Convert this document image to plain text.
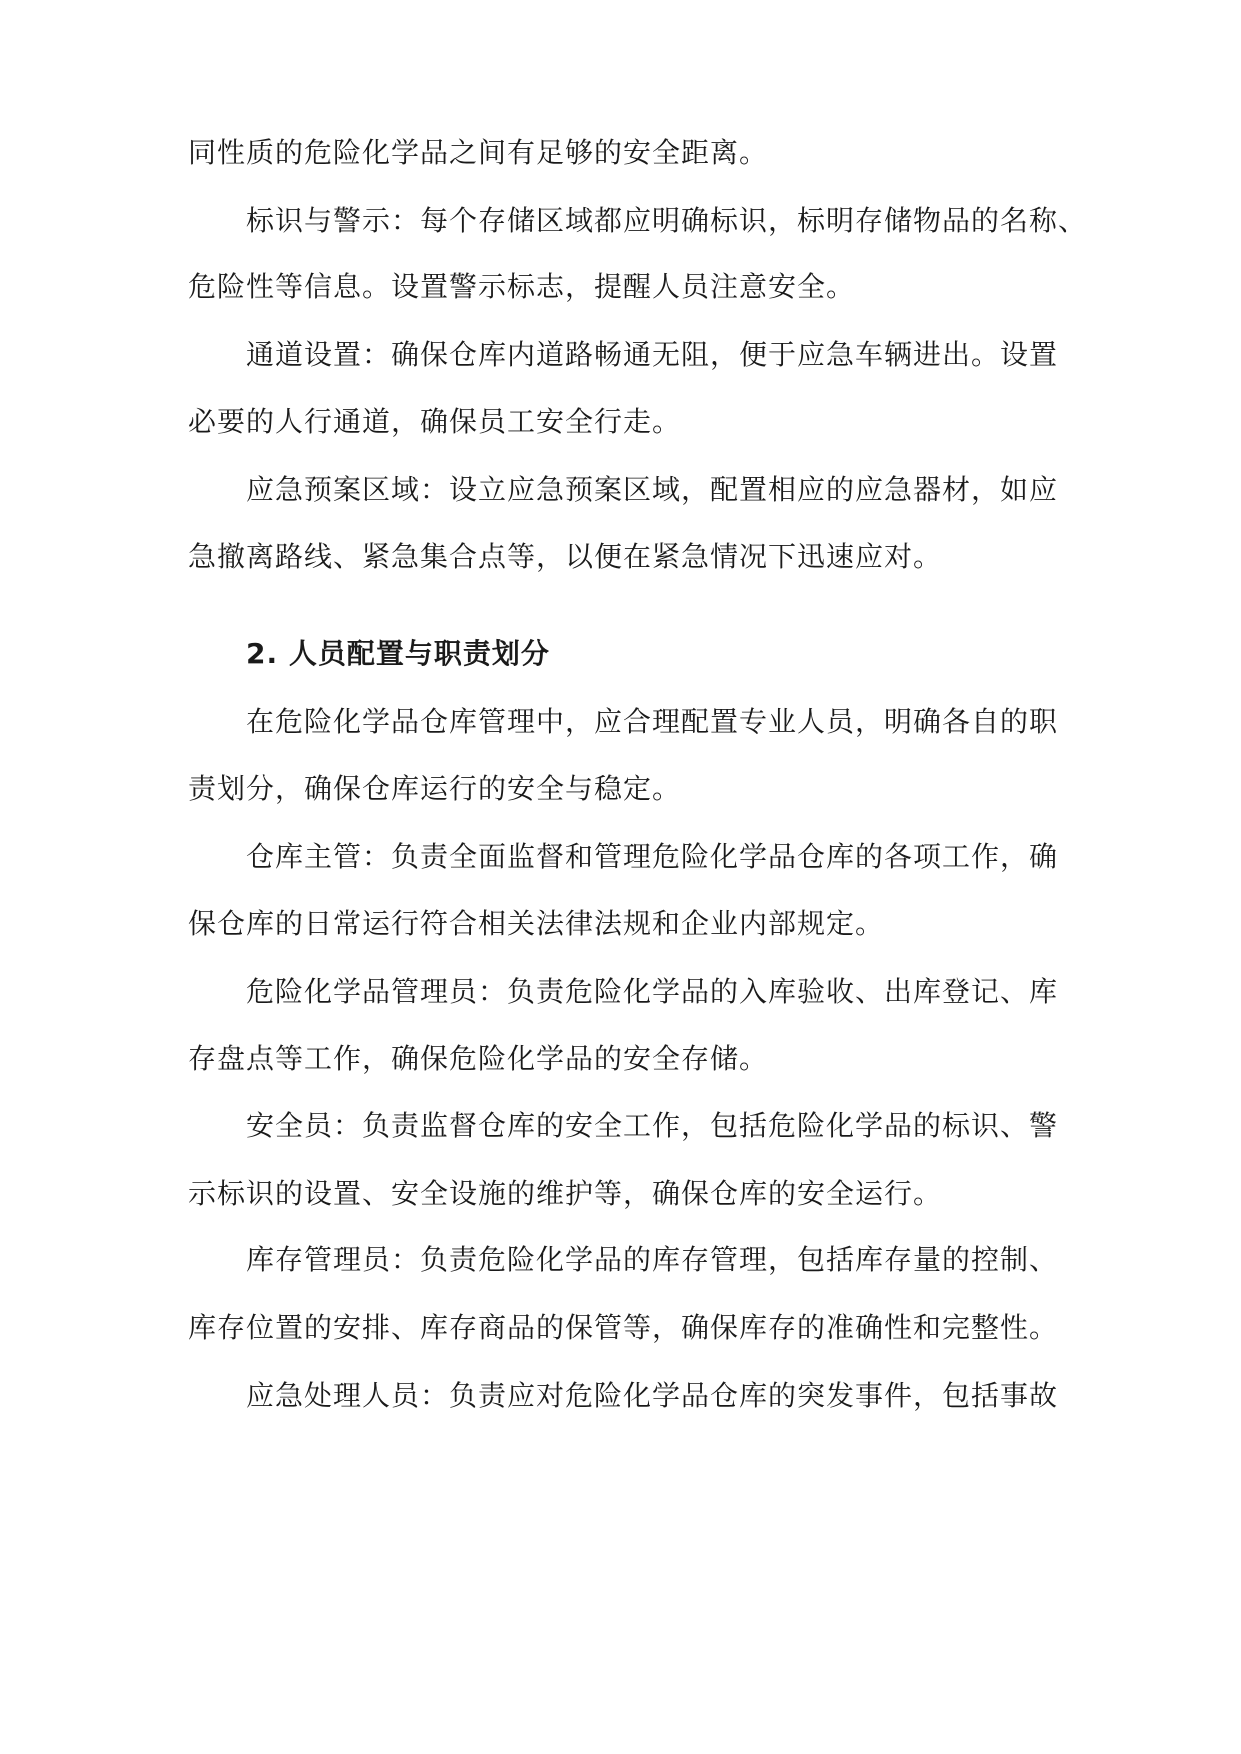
同性质的危险化学品之间有足够的安全距离。
标识与警示：每个存储区域都应明确标识，标明存储物品的名称、
危险性等信息。设置警示标志，提醒人员注意安全。
通道设置：确保仓库内道路畅通无阻，便于应急车辆进出。设置
必要的人行通道，确保员工安全行走。
应急预案区域：设立应急预案区域，配置相应的应急器材，如应
急撤离路线、紧急集合点等，以便在紧急情况下迅速应对。
2. 人员配置与职责划分
在危险化学品仓库管理中，应合理配置专业人员，明确各自的职
责划分，确保仓库运行的安全与稳定。
仓库主管：负责全面监督和管理危险化学品仓库的各项工作，确
保仓库的日常运行符合相关法律法规和企业内部规定。
危险化学品管理员：负责危险化学品的入库验收、出库登记、库
存盘点等工作，确保危险化学品的安全存储。
安全员：负责监督仓库的安全工作，包括危险化学品的标识、警
示标识的设置、安全设施的维护等，确保仓库的安全运行。
库存管理员：负责危险化学品的库存管理，包括库存量的控制、
库存位置的安排、库存商品的保管等，确保库存的准确性和完整性。
应急处理人员：负责应对危险化学品仓库的突发事件，包括事故
